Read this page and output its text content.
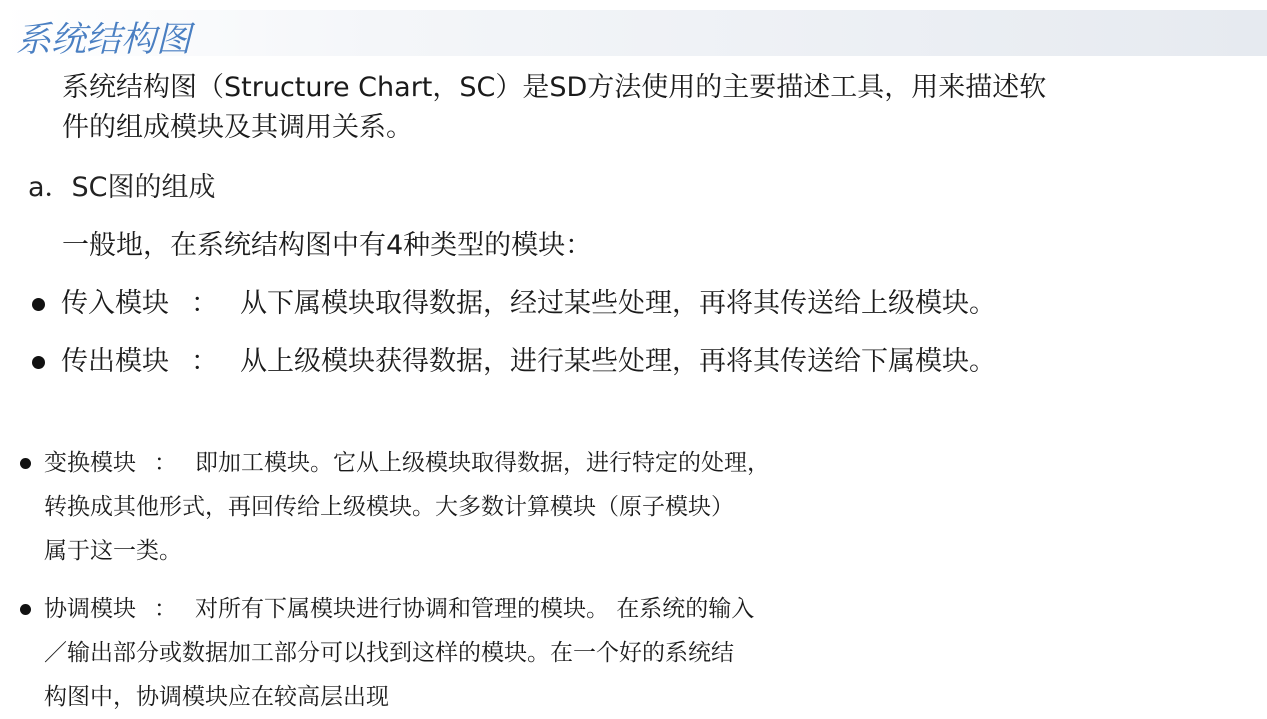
系统结构图
系统结构图（Structure Chart，SC）是SD方法使用的主要描述工具，用来描述软
件的组成模块及其调用关系。
a．SC图的组成
一般地，在系统结构图中有4种类型的模块：
传入模块 ： 从下属模块取得数据，经过某些处理，再将其传送给上级模块。
传出模块 ： 从上级模块获得数据，进行某些处理，再将其传送给下属模块。
变换模块 ： 即加工模块。它从上级模块取得数据，进行特定的处理，
转换成其他形式，再回传给上级模块。大多数计算模块（原子模块）
属于这一类。
协调模块 ： 对所有下属模块进行协调和管理的模块。 在系统的输入
／输出部分或数据加工部分可以找到这样的模块。在一个好的系统结
构图中，协调模块应在较高层出现
